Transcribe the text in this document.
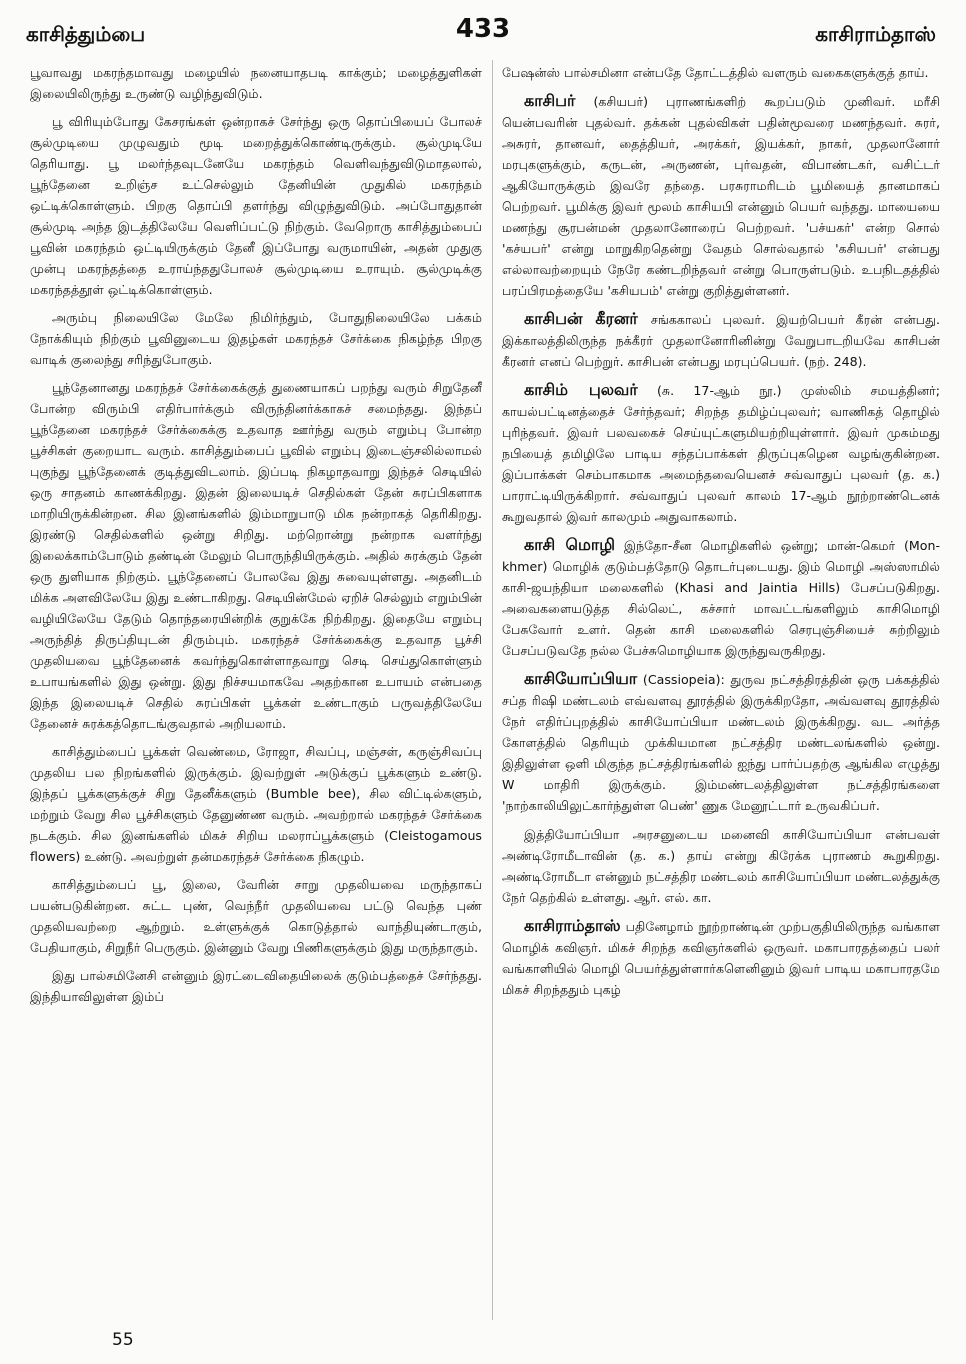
காசித்தும்பை	433	காசிராம்தாஸ்

பூவாவது மகரந்தமாவது மழையில் நனையாதபடி காக்கும்; மழைத்துளிகள் இலையிலிருந்து உருண்டு வழிந்துவிடும்.

பூ விரியும்போது கேசரங்கள் ஒன்றாகச் சேர்ந்து ஒரு தொப்பியைப் போலச் சூல்முடியை முழுவதும் மூடி மறைத்துக்கொண்டிருக்கும். சூல்முடியே தெரியாது. பூ மலர்ந்தவுடனேயே மகரந்தம் வெளிவந்துவிடுமாதலால், பூந்தேனை உறிஞ்ச உட்செல்லும் தேனியின் முதுகில் மகரந்தம் ஒட்டிக்கொள்ளும். பிறகு தொப்பி தளர்ந்து விழுந்துவிடும். அப்போதுதான் சூல்முடி அந்த இடத்திலேயே வெளிப்பட்டு நிற்கும். வேறொரு காசித்தும்பைப் பூவின் மகரந்தம் ஒட்டியிருக்கும் தேனீ இப்போது வருமாயின், அதன் முதுகு முன்பு மகரந்தத்தை உராய்ந்ததுபோலச் சூல்முடியை உராயும். சூல்முடிக்கு மகரந்தத்தூள் ஒட்டிக்கொள்ளும்.

அரும்பு நிலையிலே மேலே நிமிர்ந்தும், போதுநிலையிலே பக்கம் நோக்கியும் நிற்கும் பூவினுடைய இதழ்கள் மகரந்தச் சேர்க்கை நிகழ்ந்த பிறகு வாடிக் குலைந்து சரிந்துபோகும்.

பூந்தேனானது மகரந்தச் சேர்க்கைக்குத் துணையாகப் பறந்து வரும் சிறுதேனீ போன்ற விரும்பி எதிர்பார்க்கும் விருந்தினர்க்காகச் சமைந்தது. இந்தப் பூந்தேனை மகரந்தச் சேர்க்கைக்கு உதவாத ஊர்ந்து வரும் எறும்பு போன்ற பூச்சிகள் குறையாட வரும். காசித்தும்பைப் பூவில் எறும்பு இடைஞ்சலில்லாமல் புகுந்து பூந்தேனைக் குடித்துவிடலாம். இப்படி நிகழாதவாறு இந்தச் செடியில் ஒரு சாதனம் காணக்கிறது. இதன் இலையடிச் செதில்கள் தேன் சுரப்பிகளாக மாறியிருக்கின்றன. சில இனங்களில் இம்மாறுபாடு மிக நன்றாகத் தெரிகிறது. இரண்டு செதில்களில் ஒன்று சிறிது. மற்றொன்று நன்றாக வளர்ந்து இலைக்காம்போடும் தண்டின் மேலும் பொருந்தியிருக்கும். அதில் சுரக்கும் தேன் ஒரு துளியாக நிற்கும். பூந்தேனைப் போலவே இது சுவையுள்ளது. அதனிடம் மிக்க அளவிலேயே இது உண்டாகிறது. செடியின்மேல் ஏறிச் செல்லும் எறும்பின் வழியிலேயே தேடும் தொந்தரையின்றிக் குறுக்கே நிற்கிறது. இதையே எறும்பு அருந்தித் திருப்தியுடன் திரும்பும். மகரந்தச் சேர்க்கைக்கு உதவாத பூச்சி முதலியவை பூந்தேனைக் கவர்ந்துகொள்ளாதவாறு செடி செய்துகொள்ளும் உபாயங்களில் இது ஒன்று. இது நிச்சயமாகவே அதற்கான உபாயம் என்பதை இந்த இலையடிச் செதில் சுரப்பிகள் பூக்கள் உண்டாகும் பருவத்திலேயே தேனைச் சுரக்கத்தொடங்குவதால் அறியலாம்.

காசித்தும்பைப் பூக்கள் வெண்மை, ரோஜா, சிவப்பு, மஞ்சள், கருஞ்சிவப்பு முதலிய பல நிறங்களில் இருக்கும். இவற்றுள் அடுக்குப் பூக்களும் உண்டு. இந்தப் பூக்களுக்குச் சிறு தேனீக்களும் (Bumble bee), சில விட்டில்களும், மற்றும் வேறு சில பூச்சிகளும் தேனுண்ண வரும். அவற்றால் மகரந்தச் சேர்க்கை நடக்கும். சில இனங்களில் மிகச் சிறிய மலராப்பூக்களும் (Cleistogamous flowers) உண்டு. அவற்றுள் தன்மகரந்தச் சேர்க்கை நிகழும்.

காசித்தும்பைப் பூ, இலை, வேரின் சாறு முதலியவை மருந்தாகப் பயன்படுகின்றன. சுட்ட புண், வெந்நீர் முதலியவை பட்டு வெந்த புண் முதலியவற்றை ஆற்றும். உள்ளுக்குக் கொடுத்தால் வாந்தியுண்டாகும், பேதியாகும், சிறுநீர் பெருகும். இன்னும் வேறு பிணிகளுக்கும் இது மருந்தாகும்.

இது பால்சமினேசி என்னும் இரட்டைவிதையிலைக் குடும்பத்தைச் சேர்ந்தது. இந்தியாவிலுள்ள இம்ப்

பேஷன்ஸ் பால்சமினா என்பதே தோட்டத்தில் வளரும் வகைகளுக்குத் தாய்.

காசிபர் (கசியபர்) புராணங்களிற் கூறப்படும் முனிவர். மரீசி யென்பவரின் புதல்வர். தக்கன் புதல்விகள் பதின்மூவரை மணந்தவர். சுரர், அசுரர், தானவர், தைத்தியர், அரக்கர், இயக்கர், நாகர், முதலானோர் மரபுகளுக்கும், கருடன், அருணன், புர்வதன், விபாண்டகர், வசிட்டர் ஆகியோருக்கும் இவரே தந்தை. பரசுராமரிடம் பூமியைத் தானமாகப் பெற்றவர். பூமிக்கு இவர் மூலம் காசியபி என்னும் பெயர் வந்தது. மாயையை மணந்து சூரபன்மன் முதலானோரைப் பெற்றவர். 'பச்யகர்' என்ற சொல் 'கச்யபர்' என்று மாறுகிறதென்று வேதம் சொல்வதால் 'கசியபர்' என்பது எல்லாவற்றையும் நேரே கண்டறிந்தவர் என்று பொருள்படும். உபநிடதத்தில் பரப்பிரமத்தையே 'கசியபம்' என்று குறித்துள்ளனர்.

காசிபன் கீரனா் சங்ககாலப் புலவர். இயற்பெயர் கீரன் என்பது. இக்காலத்திலிருந்த நக்கீரர் முதலானோரினின்று வேறுபாடறியவே காசிபன் கீரனர் எனப் பெற்றுர். காசிபன் என்பது மரபுப்பெயர். (நற். 248).

காசிம் புலவர் (சு. 17-ஆம் நூ.) முஸ்லிம் சமயத்தினர்; காயல்பட்டினத்தைச் சேர்ந்தவர்; சிறந்த தமிழ்ப்புலவர்; வாணிகத் தொழில் புரிந்தவர். இவர் பலவகைச் செய்யுட்களுமியற்றியுள்ளார். இவர் முகம்மது நபியைத் தமிழிலே பாடிய சந்தப்பாக்கள் திருப்புகழென வழங்குகின்றன. இப்பாக்கள் செம்பாகமாக அமைந்தவையெனச் சவ்வாதுப் புலவர் (த. க.) பாராட்டியிருக்கிறார். சவ்வாதுப் புலவர் காலம் 17-ஆம் நூற்றாண்டெனக் கூறுவதால் இவர் காலமும் அதுவாகலாம்.

காசி மொழி இந்தோ-சீன மொழிகளில் ஒன்று; மான்-கெமர் (Mon-khmer) மொழிக் குடும்பத்தோடு தொடர்புடையது. இம் மொழி அஸ்ஸாமில் காசி-ஜயந்தியா மலைகளில் (Khasi and Jaintia Hills) பேசப்படுகிறது. அவைகளையடுத்த சில்லெட், கச்சார் மாவட்டங்களிலும் காசிமொழி பேசுவோர் உளர். தென் காசி மலைகளில் செரபுஞ்சியைச் சுற்றிலும் பேசப்படுவதே நல்ல பேச்சுமொழியாக இருந்துவருகிறது.

காசியோப்பியா (Cassiopeia): துருவ நட்சத்திரத்தின் ஒரு பக்கத்தில் சப்த ரிஷி மண்டலம் எவ்வளவு தூரத்தில் இருக்கிறதோ, அவ்வளவு தூரத்தில் நேர் எதிர்ப்புறத்தில் காசியோப்பியா மண்டலம் இருக்கிறது. வட அர்த்த கோளத்தில் தெரியும் முக்கியமான நட்சத்திர மண்டலங்களில் ஒன்று. இதிலுள்ள ஒளி மிகுந்த நட்சத்திரங்களில் ஐந்து பார்ப்பதற்கு ஆங்கில எழுத்து W மாதிரி இருக்கும். இம்மண்டலத்திலுள்ள நட்சத்திரங்களை 'நாற்காலியிலுட்கார்ந்துள்ள பெண்' ணுக மேனூட்டார் உருவகிப்பர்.

இத்தியோப்பியா அரசனுடைய மனைவி காசியோப்பியா என்பவள் அண்டிரோமீடாவின் (த. க.) தாய் என்று கிரேக்க புராணம் கூறுகிறது. அண்டிரோமீடா என்னும் நட்சத்திர மண்டலம் காசியோப்பியா மண்டலத்துக்கு நேர் தெற்கில் உள்ளது. ஆர். எல். கா.

காசிராம்தாஸ் பதினேழாம் நூற்றாண்டின் முற்பகுதியிலிருந்த வங்காள மொழிக் கவிஞர். மிகச் சிறந்த கவிஞர்களில் ஒருவர். மகாபாரதத்தைப் பலர் வங்காளியில் மொழி பெயர்த்துள்ளார்களெனினும் இவர் பாடிய மகாபாரதமே மிகச் சிறந்ததும் புகழ்

55
